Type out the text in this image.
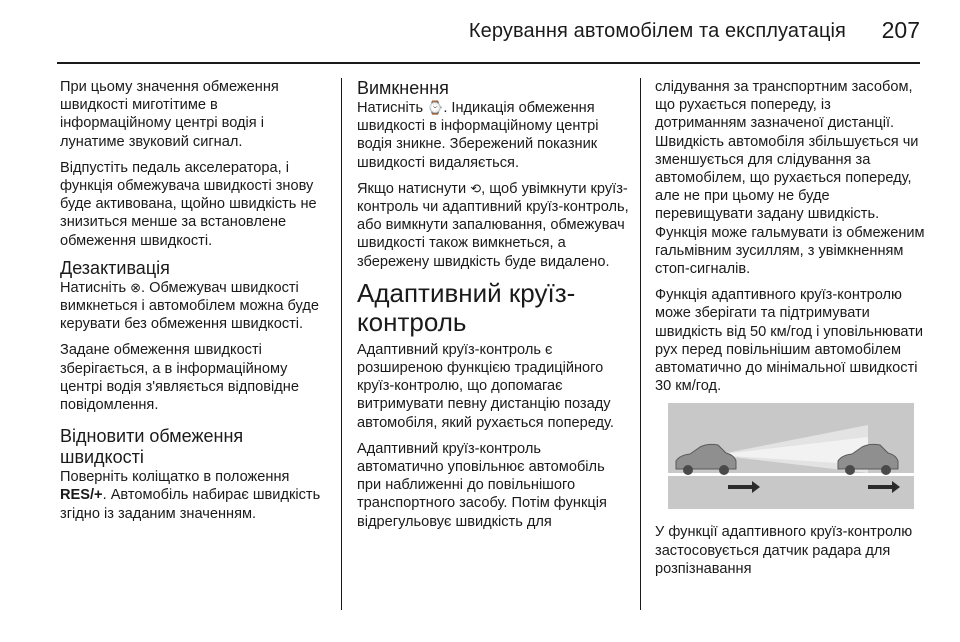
Керування автомобілем та експлуатація 207

При цьому значення обмеження швидкості миготітиме в інформаційному центрі водія і лунатиме звуковий сигнал.

Відпустіть педаль акселератора, і функція обмежувача швидкості знову буде активована, щойно швидкість не знизиться менше за встановлене обмеження швидкості.

Дезактивація

Натисніть ⊗. Обмежувач швидкості вимкнеться і автомобілем можна буде керувати без обмеження швидкості.

Задане обмеження швидкості зберігається, а в інформаційному центрі водія з'являється відповідне повідомлення.

Відновити обмеження швидкості

Поверніть коліщатко в положення RES/+. Автомобіль набирає швидкість згідно із заданим значенням.

Вимкнення

Натисніть ⌚. Індикація обмеження швидкості в інформаційному центрі водія зникне. Збережений показник швидкості видаляється.

Якщо натиснути ⟲, щоб увімкнути круїз-контроль чи адаптивний круїз-контроль, або вимкнути запалювання, обмежувач швидкості також вимкнеться, а збережену швидкість буде видалено.

Адаптивний круїз-контроль

Адаптивний круїз-контроль є розширеною функцією традиційного круїз-контролю, що допомагає витримувати певну дистанцію позаду автомобіля, який рухається попереду.

Адаптивний круїз-контроль автоматично уповільнює автомобіль при наближенні до повільнішого транспортного засобу. Потім функція відрегульовує швидкість для

слідування за транспортним засобом, що рухається попереду, із дотриманням зазначеної дистанції. Швидкість автомобіля збільшується чи зменшується для слідування за автомобілем, що рухається попереду, але не при цьому не буде перевищувати задану швидкість. Функція може гальмувати із обмеженим гальмівним зусиллям, з увімкненням стоп-сигналів.

Функція адаптивного круїз-контролю може зберігати та підтримувати швидкість від 50 км/год і уповільнювати рух перед повільнішим автомобілем автоматично до мінімальної швидкості 30 км/год.

У функції адаптивного круїз-контролю застосовується датчик радара для розпізнавання
